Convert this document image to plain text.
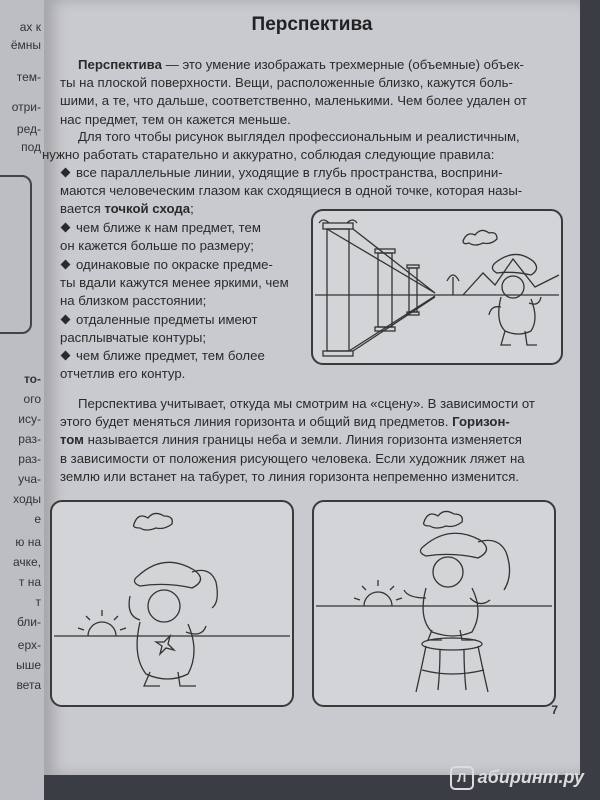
ах к
ёмны
тем-
отри-
ред-
под
то-
ого
ису-
раз-
раз-
уча-
ходы
е
ю на
ачке,
т на
т
бли-
ерх-
ыше
вета
Перспектива
Перспектива — это умение изображать трехмерные (объемные) объек-
ты на плоской поверхности. Вещи, расположенные близко, кажутся боль-
шими, а те, что дальше, соответственно, маленькими. Чем более удален от
нас предмет, тем он кажется меньше.
Для того чтобы рисунок выглядел профессиональным и реалистичным,
нужно работать старательно и аккуратно, соблюдая следующие правила:
все параллельные линии, уходящие в глубь пространства, восприни-
маются человеческим глазом как сходящиеся в одной точке, которая назы-
вается точкой схода;
чем ближе к нам предмет, тем
он кажется больше по размеру;
одинаковые по окраске предме-
ты вдали кажутся менее яркими, чем
на близком расстоянии;
отдаленные предметы имеют
расплывчатые контуры;
чем ближе предмет, тем более
отчетлив его контур.
Перспектива учитывает, откуда мы смотрим на «сцену». В зависимости от
этого будет меняться линия горизонта и общий вид предметов. Горизон-
том называется линия границы неба и земли. Линия горизонта изменяется
в зависимости от положения рисующего человека. Если художник ляжет на
землю или встанет на табурет, то линия горизонта непременно изменится.
7
Л абиринт.ру
